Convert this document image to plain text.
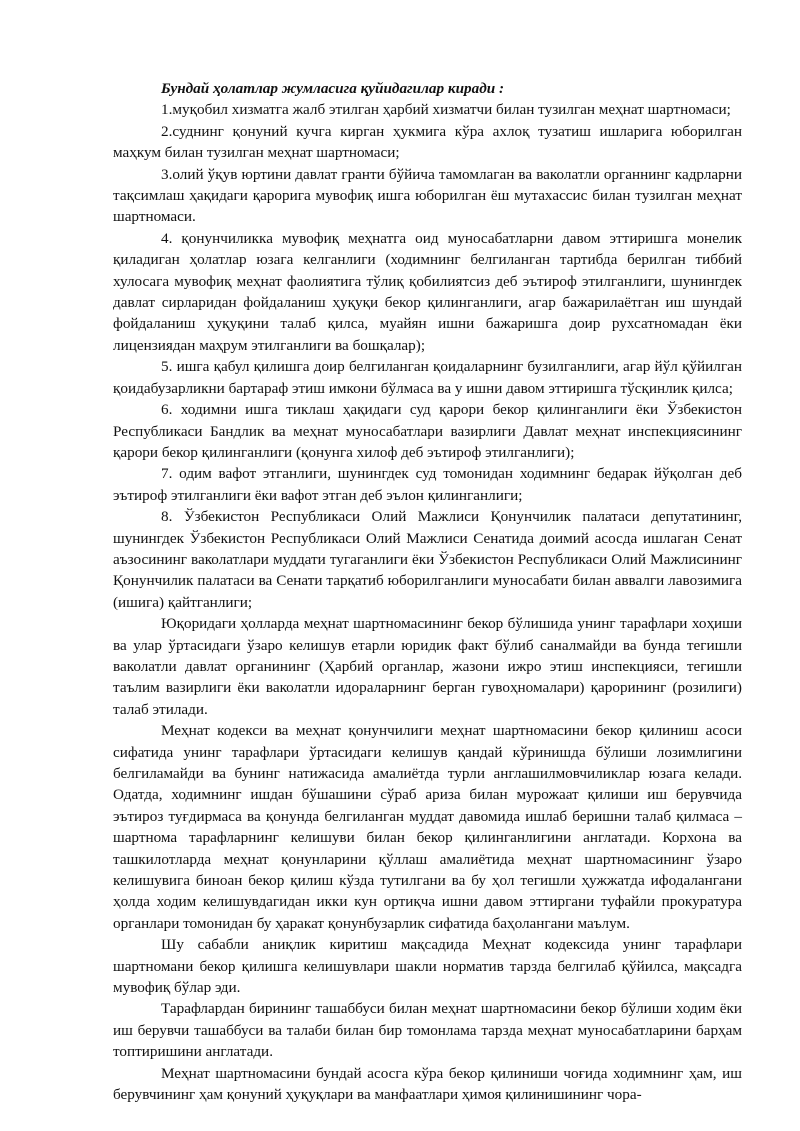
Бундай ҳолатлар жумласига қуйидагилар киради :

1.муқобил хизматга жалб этилган ҳарбий хизматчи билан тузилган меҳнат шартномаси;

2.суднинг қонуний кучга кирган ҳукмига кўра ахлоқ тузатиш ишларига юборилган маҳкум билан тузилган меҳнат шартномаси;

3.олий ўқув юртини давлат гранти бўйича тамомлаган ва ваколатли органнинг кадрларни тақсимлаш ҳақидаги қарорига мувофиқ ишга юборилган ёш мутахассис билан тузилган меҳнат шартномаси.

4. қонунчиликка мувофиқ меҳнатга оид муносабатларни давом эттиришга монелик қиладиган ҳолатлар юзага келганлиги (ходимнинг белгиланган тартибда берилган тиббий хулосага мувофиқ меҳнат фаолиятига тўлиқ қобилиятсиз деб эътироф этилганлиги, шунингдек давлат сирларидан фойдаланиш ҳуқуқи бекор қилинганлиги, агар бажарилаётган иш шундай фойдаланиш ҳуқуқини талаб қилса, муайян ишни бажаришга доир рухсатномадан ёки лицензиядан маҳрум этилганлиги ва бошқалар);

5. ишга қабул қилишга доир белгиланган қоидаларнинг бузилганлиги, агар йўл қўйилган қоидабузарликни бартараф этиш имкони бўлмаса ва у ишни давом эттиришга тўсқинлик қилса;

6. ходимни ишга тиклаш ҳақидаги суд қарори бекор қилинганлиги ёки Ўзбекистон Республикаси Бандлик ва меҳнат муносабатлари вазирлиги Давлат меҳнат инспекциясининг қарори бекор қилинганлиги (қонунга хилоф деб эътироф этилганлиги);

7. одим вафот этганлиги, шунингдек суд томонидан ходимнинг бедарак йўқолган деб эътироф этилганлиги ёки вафот этган деб эълон қилинганлиги;

8. Ўзбекистон Республикаси Олий Мажлиси Қонунчилик палатаси депутатининг, шунингдек Ўзбекистон Республикаси Олий Мажлиси Сенатида доимий асосда ишлаган Сенат аъзосининг ваколатлари муддати тугаганлиги ёки Ўзбекистон Республикаси Олий Мажлисининг Қонунчилик палатаси ва Сенати тарқатиб юборилганлиги муносабати билан аввалги лавозимига (ишига) қайтганлиги;

Юқоридаги ҳолларда меҳнат шартномасининг бекор бўлишида унинг тарафлари хоҳиши ва улар ўртасидаги ўзаро келишув етарли юридик факт бўлиб саналмайди ва бунда тегишли ваколатли давлат органининг (Ҳарбий органлар, жазони ижро этиш инспекцияси, тегишли таълим вазирлиги ёки ваколатли идораларнинг берган гувоҳномалари) қарорининг (розилиги) талаб этилади.

Меҳнат кодекси ва меҳнат қонунчилиги меҳнат шартномасини бекор қилиниш асоси сифатида унинг тарафлари ўртасидаги келишув қандай кўринишда бўлиши лозимлигини белгиламайди ва бунинг натижасида амалиётда турли англашилмовчиликлар юзага келади. Одатда, ходимнинг ишдан бўшашини сўраб ариза билан мурожаат қилиши иш берувчида эътироз туғдирмаса ва қонунда белгиланган муддат давомида ишлаб беришни талаб қилмаса – шартнома тарафларнинг келишуви билан бекор қилинганлигини англатади. Корхона ва ташкилотларда меҳнат қонунларини қўллаш амалиётида меҳнат шартномасининг ўзаро келишувига биноан бекор қилиш кўзда тутилгани ва бу ҳол тегишли ҳужжатда ифодалангани ҳолда ходим келишувдагидан икки кун ортиқча ишни давом эттиргани туфайли прокуратура органлари томонидан бу ҳаракат қонунбузарлик сифатида баҳолангани маълум.

Шу сабабли аниқлик киритиш мақсадида Меҳнат кодексида унинг тарафлари шартномани бекор қилишга келишувлари шакли норматив тарзда белгилаб қўйилса, мақсадга мувофиқ бўлар эди.

Тарафлардан бирининг ташаббуси билан меҳнат шартномасини бекор бўлиши ходим ёки иш берувчи ташаббуси ва талаби билан бир томонлама тарзда меҳнат муносабатларини барҳам топтиришини англатади.

Меҳнат шартномасини бундай асосга кўра бекор қилиниши чоғида ходимнинг ҳам, иш берувчининг ҳам қонуний ҳуқуқлари ва манфаатлари ҳимоя қилинишининг чора-
